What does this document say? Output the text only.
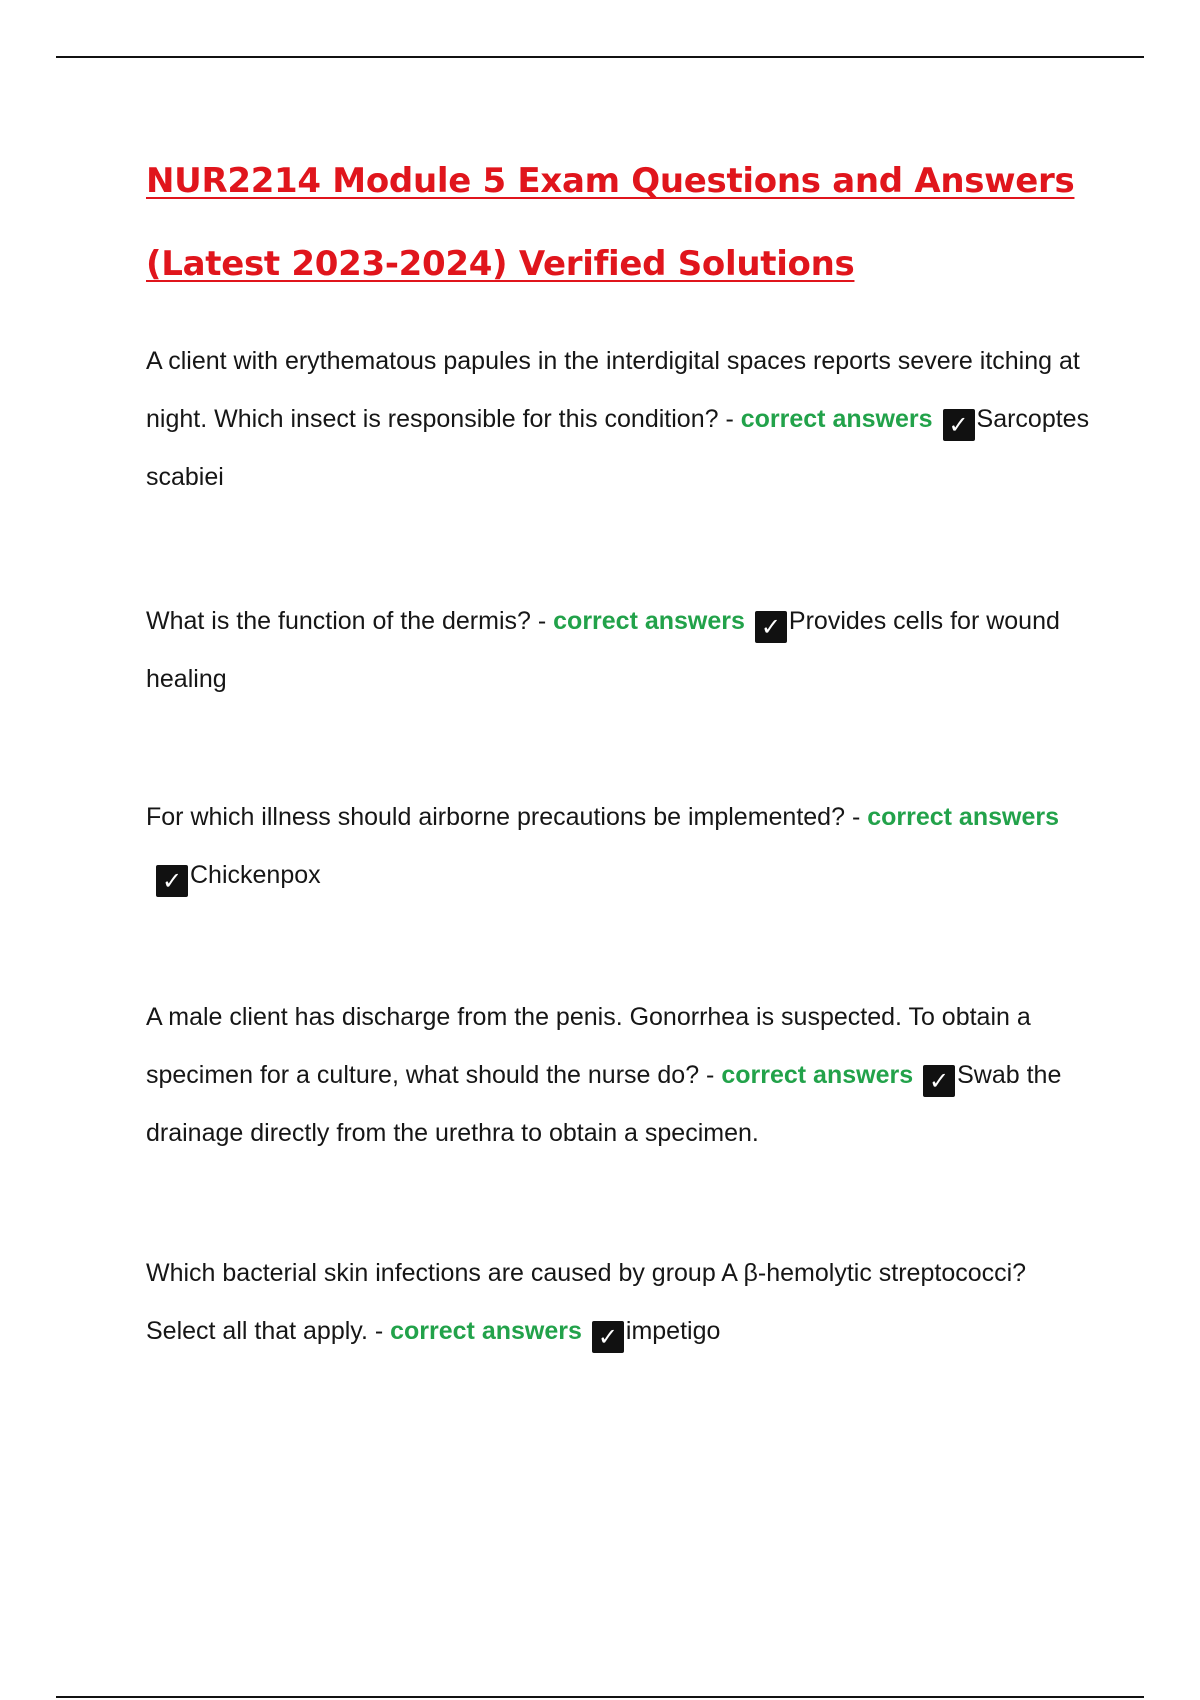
NUR2214 Module 5 Exam Questions and Answers
(Latest 2023-2024) Verified Solutions
A client with erythematous papules in the interdigital spaces reports severe itching at night. Which insect is responsible for this condition? - correct answers ✓ Sarcoptes scabiei
What is the function of the dermis? - correct answers ✓ Provides cells for wound healing
For which illness should airborne precautions be implemented? - correct answers✓ Chickenpox
A male client has discharge from the penis. Gonorrhea is suspected. To obtain a specimen for a culture, what should the nurse do? - correct answers ✓ Swab the drainage directly from the urethra to obtain a specimen.
Which bacterial skin infections are caused by group A β-hemolytic streptococci? Select all that apply. - correct answers ✓ impetigo
